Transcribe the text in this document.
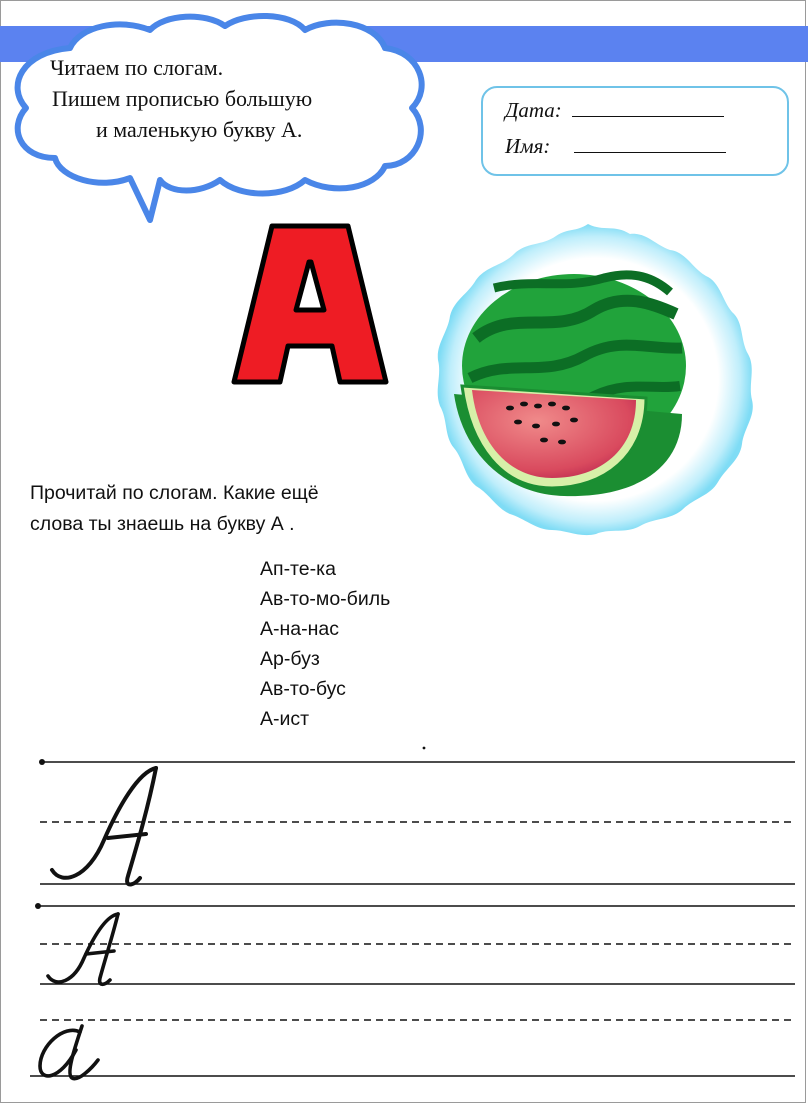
Читаем по слогам.
Пишем прописью большую
и маленькую букву А.
Дата:
Имя:
Прочитай по слогам. Какие ещё
слова ты знаешь на букву А .
Ап-те-ка
Ав-то-мо-биль
А-на-нас
Ар-буз
Ав-то-бус
А-ист
